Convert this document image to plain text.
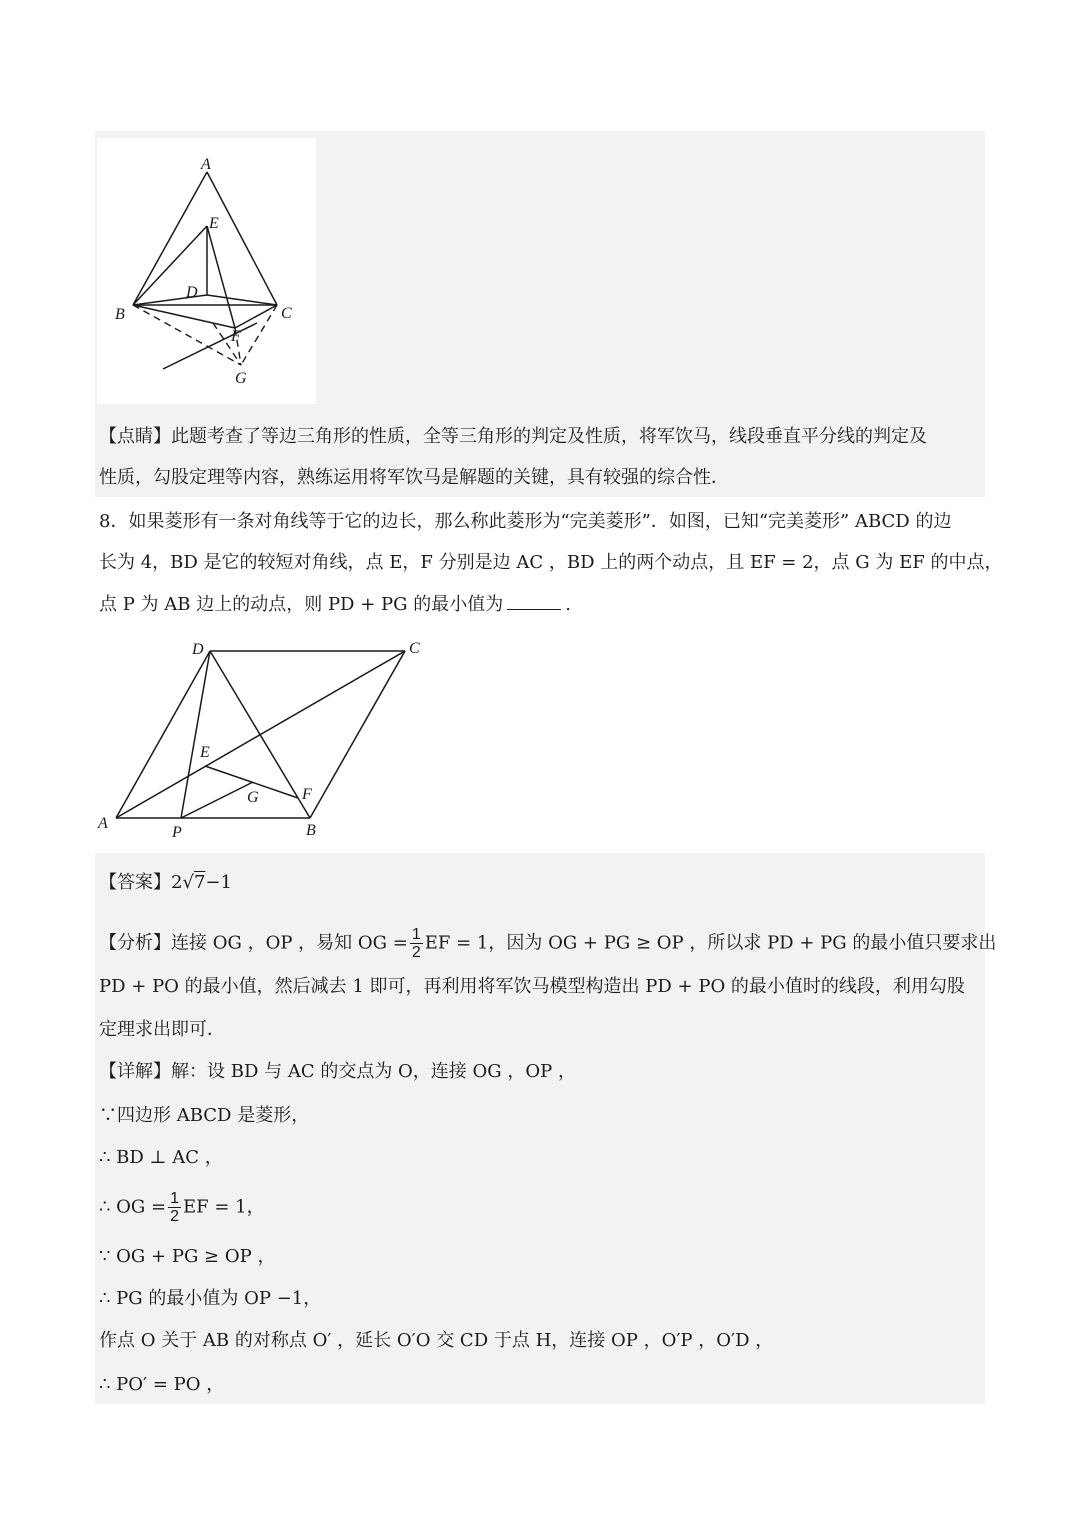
A
E
D
B	C
F
G
【点睛】此题考查了等边三角形的性质，全等三角形的判定及性质，将军饮马，线段垂直平分线的判定及
性质，勾股定理等内容，熟练运用将军饮马是解题的关键，具有较强的综合性．
8．如果菱形有一条对角线等于它的边长，那么称此菱形为“完美菱形”．如图，已知“完美菱形” ABCD 的边
长为 4，BD 是它的较短对角线，点 E，F 分别是边 AC ，BD 上的两个动点，且 EF = 2，点 G 为 EF 的中点，
点 P 为 AB 边上的动点，则 PD + PG 的最小值为	.
D	C
E
G	F
A
P	B
【答案】2√7−1
【分析】连接 OG ，OP ，易知 OG = $\frac{1}{2}$ EF = 1，因为 OG + PG ≥ OP ，所以求 PD + PG 的最小值只要求出
PD + PO 的最小值，然后减去 1 即可，再利用将军饮马模型构造出 PD + PO 的最小值时的线段，利用勾股
定理求出即可．
【详解】解：设 BD 与 AC 的交点为 O，连接 OG ，OP ，
∵四边形 ABCD 是菱形，
∴ BD ⊥ AC ，
∴ OG = $\frac{1}{2}$ EF = 1，
∵ OG + PG ≥ OP ，
∴ PG 的最小值为 OP −1，
作点 O 关于 AB 的对称点 O′ ，延长 O′O 交 CD 于点 H，连接 OP ，O′P ，O′D ，
∴ PO′ = PO ，
